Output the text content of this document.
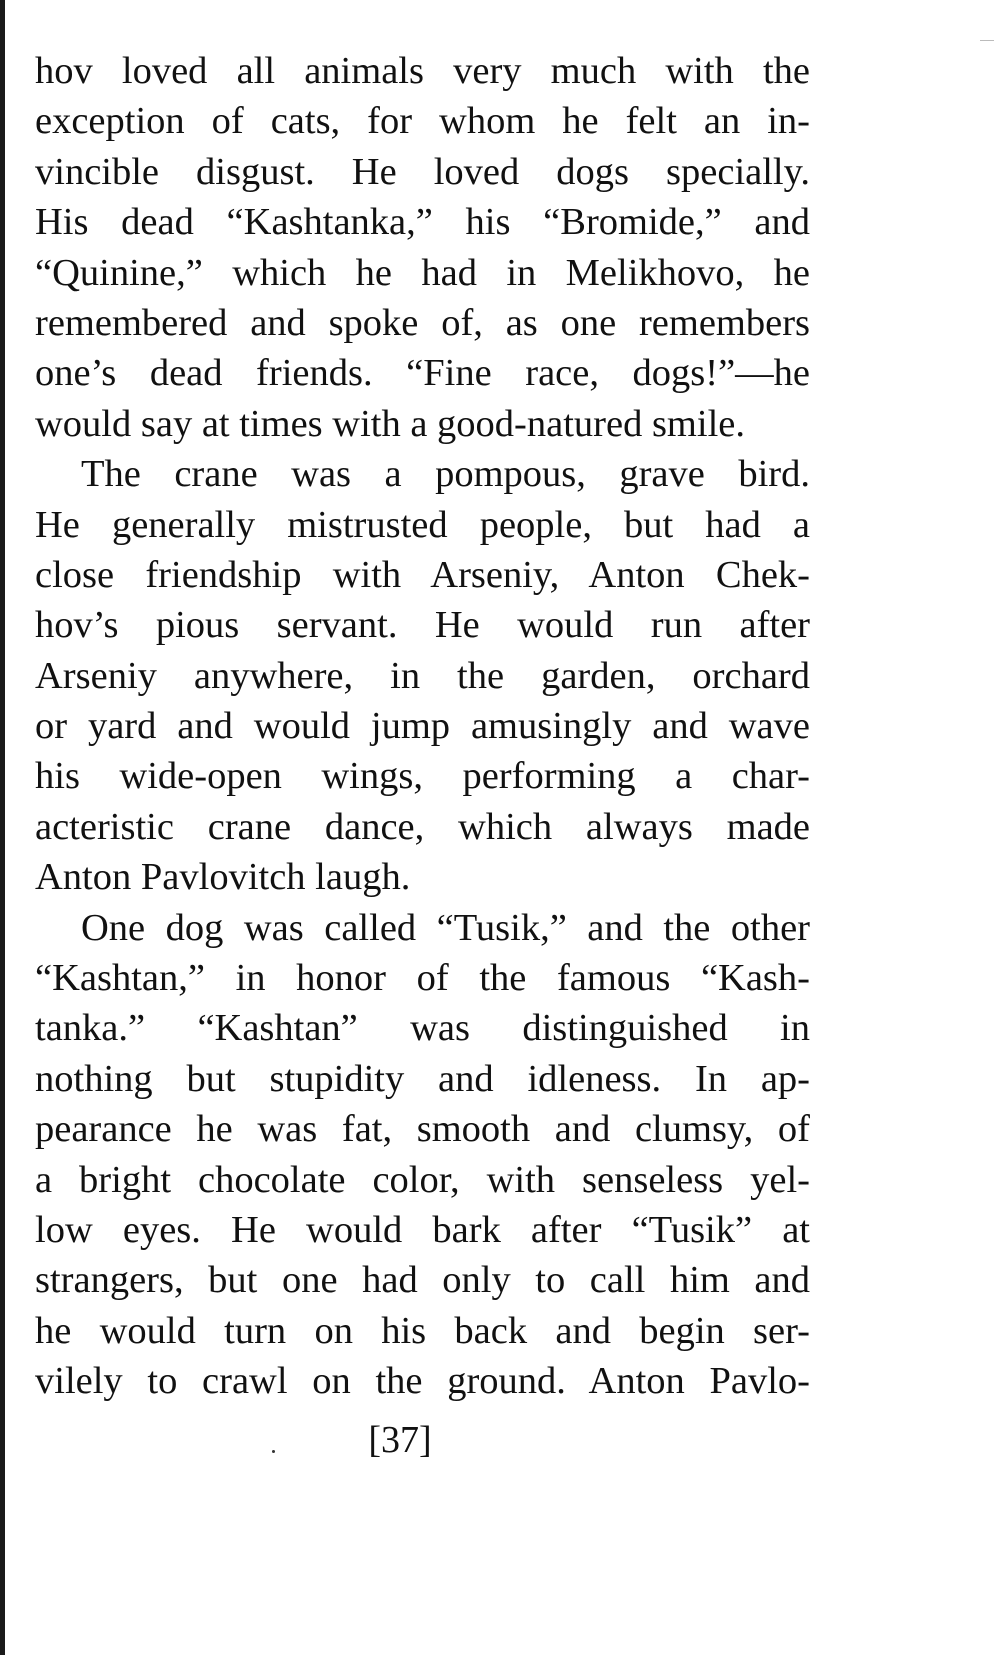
hov loved all animals very much with the
exception of cats, for whom he felt an in-
vincible disgust. He loved dogs specially.
His dead “Kashtanka,” his “Bromide,” and
“Quinine,” which he had in Melikhovo, he
remembered and spoke of, as one remembers
one’s dead friends. “Fine race, dogs!”—he
would say at times with a good-natured smile.
The crane was a pompous, grave bird.
He generally mistrusted people, but had a
close friendship with Arseniy, Anton Chek-
hov’s pious servant. He would run after
Arseniy anywhere, in the garden, orchard
or yard and would jump amusingly and wave
his wide-open wings, performing a char-
acteristic crane dance, which always made
Anton Pavlovitch laugh.
One dog was called “Tusik,” and the other
“Kashtan,” in honor of the famous “Kash-
tanka.” “Kashtan” was distinguished in
nothing but stupidity and idleness. In ap-
pearance he was fat, smooth and clumsy, of
a bright chocolate color, with senseless yel-
low eyes. He would bark after “Tusik” at
strangers, but one had only to call him and
he would turn on his back and begin ser-
vilely to crawl on the ground. Anton Pavlo-
[37]
